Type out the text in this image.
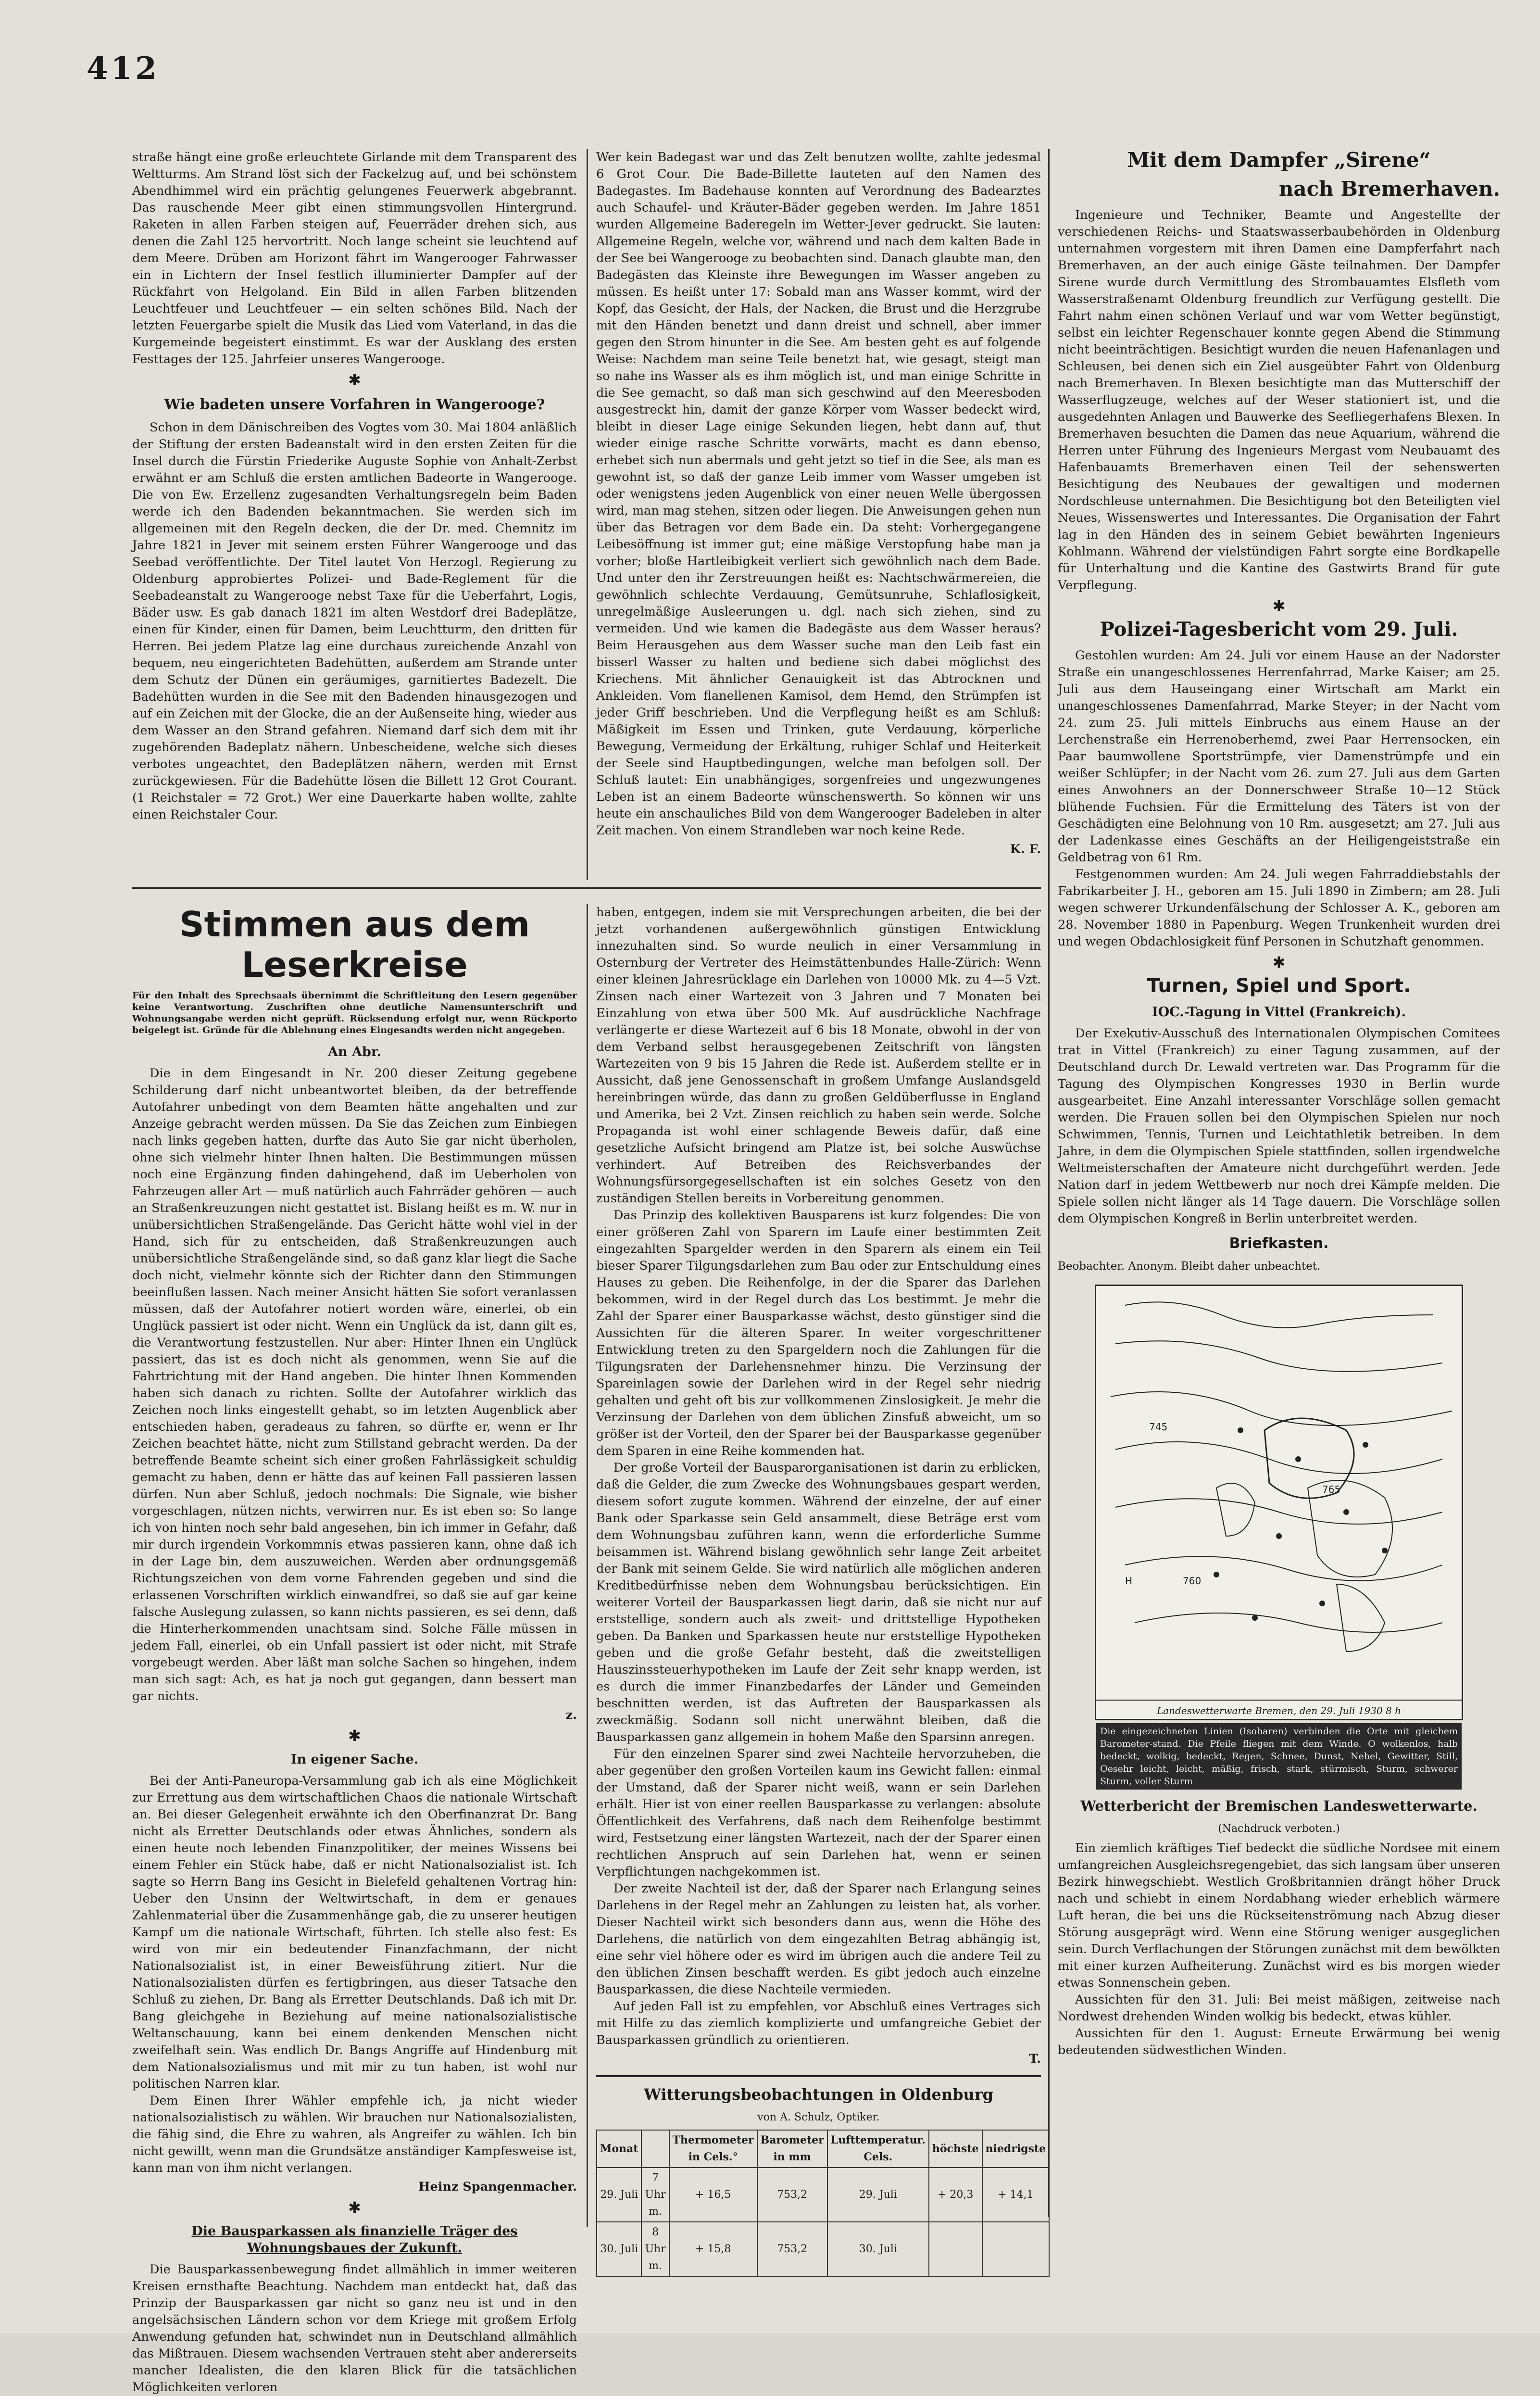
412

straße hängt eine große erleuchtete Girlande mit dem Transparent des Weltturms. Am Strand löst sich der Fackelzug auf, und bei schönstem Abendhimmel wird ein prächtig gelungenes Feuerwerk abgebrannt. Das rauschende Meer gibt einen stimmungsvollen Hintergrund. Raketen in allen Farben steigen auf, Feuerräder drehen sich, aus denen die Zahl 125 hervortritt. Noch lange scheint sie leuchtend auf dem Meere. Drüben am Horizont fährt im Wangerooger Fahrwasser ein in Lichtern der Insel festlich illuminierter Dampfer auf der Rückfahrt von Helgoland. Ein Bild in allen Farben blitzenden Leuchtfeuer und Leuchtfeuer — ein selten schönes Bild. Nach der letzten Feuergarbe spielt die Musik das Lied vom Vaterland, in das die Kurgemeinde begeistert einstimmt. Es war der Ausklang des ersten Festtages der 125. Jahrfeier unseres Wangerooge.

✱
Wie badeten unsere Vorfahren in Wangerooge?

Schon in dem Dänischreiben des Vogtes vom 30. Mai 1804 anläßlich der Stiftung der ersten Badeanstalt wird in den ersten Zeiten für die Insel durch die Fürstin Friederike Auguste Sophie von Anhalt-Zerbst erwähnt er am Schluß die ersten amtlichen Badeorte in Wangerooge. Die von Ew. Erzellenz zugesandten Verhaltungsregeln beim Baden werde ich den Badenden bekanntmachen. Sie werden sich im allgemeinen mit den Regeln decken, die der Dr. med. Chemnitz im Jahre 1821 in Jever mit seinem ersten Führer Wangerooge und das Seebad veröffentlichte. Der Titel lautet Von Herzogl. Regierung zu Oldenburg approbiertes Polizei- und Bade-Reglement für die Seebadeanstalt zu Wangerooge nebst Taxe für die Ueberfahrt, Logis, Bäder usw. Es gab danach 1821 im alten Westdorf drei Badeplätze, einen für Kinder, einen für Damen, beim Leuchtturm, den dritten für Herren. Bei jedem Platze lag eine durchaus zureichende Anzahl von bequem, neu eingerichteten Badehütten, außerdem am Strande unter dem Schutz der Dünen ein geräumiges, garnitiertes Badezelt. Die Badehütten wurden in die See mit den Badenden hinausgezogen und auf ein Zeichen mit der Glocke, die an der Außenseite hing, wieder aus dem Wasser an den Strand gefahren. Niemand darf sich dem mit ihr zugehörenden Badeplatz nähern. Unbescheidene, welche sich dieses verbotes ungeachtet, den Badeplätzen nähern, werden mit Ernst zurückgewiesen. Für die Badehütte lösen die Billett 12 Grot Courant. (1 Reichstaler = 72 Grot.) Wer eine Dauerkarte haben wollte, zahlte einen Reichstaler Cour.

Wer kein Badegast war und das Zelt benutzen wollte, zahlte jedesmal 6 Grot Cour. Die Bade-Billette lauteten auf den Namen des Badegastes. Im Badehause konnten auf Verordnung des Badearztes auch Schaufel- und Kräuter-Bäder gegeben werden. Im Jahre 1851 wurden Allgemeine Baderegeln im Wetter-Jever gedruckt. Sie lauten: Allgemeine Regeln, welche vor, während und nach dem kalten Bade in der See bei Wangerooge zu beobachten sind. Danach glaubte man, den Badegästen das Kleinste ihre Bewegungen im Wasser angeben zu müssen. Es heißt unter 17: Sobald man ans Wasser kommt, wird der Kopf, das Gesicht, der Hals, der Nacken, die Brust und die Herzgrube mit den Händen benetzt und dann dreist und schnell, aber immer gegen den Strom hinunter in die See. Am besten geht es auf folgende Weise: Nachdem man seine Teile benetzt hat, wie gesagt, steigt man so nahe ins Wasser als es ihm möglich ist, und man einige Schritte in die See gemacht, so daß man sich geschwind auf den Meeresboden ausgestreckt hin, damit der ganze Körper vom Wasser bedeckt wird, bleibt in dieser Lage einige Sekunden liegen, hebt dann auf, thut wieder einige rasche Schritte vorwärts, macht es dann ebenso, erhebet sich nun abermals und geht jetzt so tief in die See, als man es gewohnt ist, so daß der ganze Leib immer vom Wasser umgeben ist oder wenigstens jeden Augenblick von einer neuen Welle übergossen wird, man mag stehen, sitzen oder liegen. Die Anweisungen gehen nun über das Betragen vor dem Bade ein. Da steht: Vorhergegangene Leibesöffnung ist immer gut; eine mäßige Verstopfung habe man ja vorher; bloße Hartleibigkeit verliert sich gewöhnlich nach dem Bade. Und unter den ihr Zerstreuungen heißt es: Nachtschwärmereien, die gewöhnlich schlechte Verdauung, Gemütsunruhe, Schlaflosigkeit, unregelmäßige Ausleerungen u. dgl. nach sich ziehen, sind zu vermeiden. Und wie kamen die Badegäste aus dem Wasser heraus? Beim Herausgehen aus dem Wasser suche man den Leib fast ein bisserl Wasser zu halten und bediene sich dabei möglichst des Kriechens. Mit ähnlicher Genauigkeit ist das Abtrocknen und Ankleiden. Vom flanellenen Kamisol, dem Hemd, den Strümpfen ist jeder Griff beschrieben. Und die Verpflegung heißt es am Schluß: Mäßigkeit im Essen und Trinken, gute Verdauung, körperliche Bewegung, Vermeidung der Erkältung, ruhiger Schlaf und Heiterkeit der Seele sind Hauptbedingungen, welche man befolgen soll. Der Schluß lautet: Ein unabhängiges, sorgenfreies und ungezwungenes Leben ist an einem Badeorte wünschenswerth. So können wir uns heute ein anschauliches Bild von dem Wangerooger Badeleben in alter Zeit machen. Von einem Strandleben war noch keine Rede.

K. F.
Mit dem Dampfer „Sirene“
nach Bremerhaven.

Ingenieure und Techniker, Beamte und Angestellte der verschiedenen Reichs- und Staatswasserbaubehörden in Oldenburg unternahmen vorgestern mit ihren Damen eine Dampferfahrt nach Bremerhaven, an der auch einige Gäste teilnahmen. Der Dampfer Sirene wurde durch Vermittlung des Strombauamtes Elsfleth vom Wasserstraßenamt Oldenburg freundlich zur Verfügung gestellt. Die Fahrt nahm einen schönen Verlauf und war vom Wetter begünstigt, selbst ein leichter Regenschauer konnte gegen Abend die Stimmung nicht beeinträchtigen. Besichtigt wurden die neuen Hafenanlagen und Schleusen, bei denen sich ein Ziel ausgeübter Fahrt von Oldenburg nach Bremerhaven. In Blexen besichtigte man das Mutterschiff der Wasserflugzeuge, welches auf der Weser stationiert ist, und die ausgedehnten Anlagen und Bauwerke des Seefliegerhafens Blexen. In Bremerhaven besuchten die Damen das neue Aquarium, während die Herren unter Führung des Ingenieurs Mergast vom Neubauamt des Hafenbauamts Bremerhaven einen Teil der sehenswerten Besichtigung des Neubaues der gewaltigen und modernen Nordschleuse unternahmen. Die Besichtigung bot den Beteiligten viel Neues, Wissenswertes und Interessantes. Die Organisation der Fahrt lag in den Händen des in seinem Gebiet bewährten Ingenieurs Kohlmann. Während der vielstündigen Fahrt sorgte eine Bordkapelle für Unterhaltung und die Kantine des Gastwirts Brand für gute Verpflegung.

✱
Polizei-Tagesbericht vom 29. Juli.

Gestohlen wurden: Am 24. Juli vor einem Hause an der Nadorster Straße ein unangeschlossenes Herrenfahrrad, Marke Kaiser; am 25. Juli aus dem Hauseingang einer Wirtschaft am Markt ein unangeschlossenes Damenfahrrad, Marke Steyer; in der Nacht vom 24. zum 25. Juli mittels Einbruchs aus einem Hause an der Lerchenstraße ein Herrenoberhemd, zwei Paar Herrensocken, ein Paar baumwollene Sportstrümpfe, vier Damenstrümpfe und ein weißer Schlüpfer; in der Nacht vom 26. zum 27. Juli aus dem Garten eines Anwohners an der Donnerschweer Straße 10—12 Stück blühende Fuchsien. Für die Ermittelung des Täters ist von der Geschädigten eine Belohnung von 10 Rm. ausgesetzt; am 27. Juli aus der Ladenkasse eines Geschäfts an der Heiligengeiststraße ein Geldbetrag von 61 Rm.

Festgenommen wurden: Am 24. Juli wegen Fahrraddiebstahls der Fabrikarbeiter J. H., geboren am 15. Juli 1890 in Zimbern; am 28. Juli wegen schwerer Urkundenfälschung der Schlosser A. K., geboren am 28. November 1880 in Papenburg. Wegen Trunkenheit wurden drei und wegen Obdachlosigkeit fünf Personen in Schutzhaft genommen.

✱
Turnen, Spiel und Sport.
IOC.-Tagung in Vittel (Frankreich).

Der Exekutiv-Ausschuß des Internationalen Olympischen Comitees trat in Vittel (Frankreich) zu einer Tagung zusammen, auf der Deutschland durch Dr. Lewald vertreten war. Das Programm für die Tagung des Olympischen Kongresses 1930 in Berlin wurde ausgearbeitet. Eine Anzahl interessanter Vorschläge sollen gemacht werden. Die Frauen sollen bei den Olympischen Spielen nur noch Schwimmen, Tennis, Turnen und Leichtathletik betreiben. In dem Jahre, in dem die Olympischen Spiele stattfinden, sollen irgendwelche Weltmeisterschaften der Amateure nicht durchgeführt werden. Jede Nation darf in jedem Wettbewerb nur noch drei Kämpfe melden. Die Spiele sollen nicht länger als 14 Tage dauern. Die Vorschläge sollen dem Olympischen Kongreß in Berlin unterbreitet werden.

Briefkasten.

Beobachter. Anonym. Bleibt daher unbeachtet.

H
745
760
765
Landeswetterwarte Bremen, den 29. Juli 1930 8 h
Die eingezeichneten Linien (Isobaren) verbinden die Orte mit gleichem Barometer-stand. Die Pfeile fliegen mit dem Winde. O wolkenlos, halb bedeckt, wolkig, bedeckt, Regen, Schnee, Dunst, Nebel, Gewitter, Still, Oesehr leicht, leicht, mäßig, frisch, stark, stürmisch, Sturm, schwerer Sturm, voller Sturm
Wetterbericht der Bremischen Landeswetterwarte.
(Nachdruck verboten.)

Ein ziemlich kräftiges Tief bedeckt die südliche Nordsee mit einem umfangreichen Ausgleichsregengebiet, das sich langsam über unseren Bezirk hinwegschiebt. Westlich Großbritannien drängt höher Druck nach und schiebt in einem Nordabhang wieder erheblich wärmere Luft heran, die bei uns die Rückseitenströmung nach Abzug dieser Störung ausgeprägt wird. Wenn eine Störung weniger ausgeglichen sein. Durch Verflachungen der Störungen zunächst mit dem bewölkten mit einer kurzen Aufheiterung. Zunächst wird es bis morgen wieder etwas Sonnenschein geben.

Aussichten für den 31. Juli: Bei meist mäßigen, zeitweise nach Nordwest drehenden Winden wolkig bis bedeckt, etwas kühler.

Aussichten für den 1. August: Erneute Erwärmung bei wenig bedeutenden südwestlichen Winden.

Stimmen aus dem Leserkreise
Für den Inhalt des Sprechsaals übernimmt die Schriftleitung den Lesern gegenüber keine Verantwortung. Zuschriften ohne deutliche Namensunterschrift und Wohnungsangabe werden nicht geprüft. Rücksendung erfolgt nur, wenn Rückporto beigelegt ist. Gründe für die Ablehnung eines Eingesandts werden nicht angegeben.
An Abr.

Die in dem Eingesandt in Nr. 200 dieser Zeitung gegebene Schilderung darf nicht unbeantwortet bleiben, da der betreffende Autofahrer unbedingt von dem Beamten hätte angehalten und zur Anzeige gebracht werden müssen. Da Sie das Zeichen zum Einbiegen nach links gegeben hatten, durfte das Auto Sie gar nicht überholen, ohne sich vielmehr hinter Ihnen halten. Die Bestimmungen müssen noch eine Ergänzung finden dahingehend, daß im Ueberholen von Fahrzeugen aller Art — muß natürlich auch Fahrräder gehören — auch an Straßenkreuzungen nicht gestattet ist. Bislang heißt es m. W. nur in unübersichtlichen Straßengelände. Das Gericht hätte wohl viel in der Hand, sich für zu entscheiden, daß Straßenkreuzungen auch unübersichtliche Straßengelände sind, so daß ganz klar liegt die Sache doch nicht, vielmehr könnte sich der Richter dann den Stimmungen beeinflußen lassen. Nach meiner Ansicht hätten Sie sofort veranlassen müssen, daß der Autofahrer notiert worden wäre, einerlei, ob ein Unglück passiert ist oder nicht. Wenn ein Unglück da ist, dann gilt es, die Verantwortung festzustellen. Nur aber: Hinter Ihnen ein Unglück passiert, das ist es doch nicht als genommen, wenn Sie auf die Fahrtrichtung mit der Hand angeben. Die hinter Ihnen Kommenden haben sich danach zu richten. Sollte der Autofahrer wirklich das Zeichen noch links eingestellt gehabt, so im letzten Augenblick aber entschieden haben, geradeaus zu fahren, so dürfte er, wenn er Ihr Zeichen beachtet hätte, nicht zum Stillstand gebracht werden. Da der betreffende Beamte scheint sich einer großen Fahrlässigkeit schuldig gemacht zu haben, denn er hätte das auf keinen Fall passieren lassen dürfen. Nun aber Schluß, jedoch nochmals: Die Signale, wie bisher vorgeschlagen, nützen nichts, verwirren nur. Es ist eben so: So lange ich von hinten noch sehr bald angesehen, bin ich immer in Gefahr, daß mir durch irgendein Vorkommnis etwas passieren kann, ohne daß ich in der Lage bin, dem auszuweichen. Werden aber ordnungsgemäß Richtungszeichen von dem vorne Fahrenden gegeben und sind die erlassenen Vorschriften wirklich einwandfrei, so daß sie auf gar keine falsche Auslegung zulassen, so kann nichts passieren, es sei denn, daß die Hinterherkommenden unachtsam sind. Solche Fälle müssen in jedem Fall, einerlei, ob ein Unfall passiert ist oder nicht, mit Strafe vorgebeugt werden. Aber läßt man solche Sachen so hingehen, indem man sich sagt: Ach, es hat ja noch gut gegangen, dann bessert man gar nichts.

z.
✱
In eigener Sache.

Bei der Anti-Paneuropa-Versammlung gab ich als eine Möglichkeit zur Errettung aus dem wirtschaftlichen Chaos die nationale Wirtschaft an. Bei dieser Gelegenheit erwähnte ich den Oberfinanzrat Dr. Bang nicht als Erretter Deutschlands oder etwas Ähnliches, sondern als einen heute noch lebenden Finanzpolitiker, der meines Wissens bei einem Fehler ein Stück habe, daß er nicht Nationalsozialist ist. Ich sagte so Herrn Bang ins Gesicht in Bielefeld gehaltenen Vortrag hin: Ueber den Unsinn der Weltwirtschaft, in dem er genaues Zahlenmaterial über die Zusammenhänge gab, die zu unserer heutigen Kampf um die nationale Wirtschaft, führten. Ich stelle also fest: Es wird von mir ein bedeutender Finanzfachmann, der nicht Nationalsozialist ist, in einer Beweisführung zitiert. Nur die Nationalsozialisten dürfen es fertigbringen, aus dieser Tatsache den Schluß zu ziehen, Dr. Bang als Erretter Deutschlands. Daß ich mit Dr. Bang gleichgehe in Beziehung auf meine nationalsozialistische Weltanschauung, kann bei einem denkenden Menschen nicht zweifelhaft sein. Was endlich Dr. Bangs Angriffe auf Hindenburg mit dem Nationalsozialismus und mit mir zu tun haben, ist wohl nur politischen Narren klar.

Dem Einen Ihrer Wähler empfehle ich, ja nicht wieder nationalsozialistisch zu wählen. Wir brauchen nur Nationalsozialisten, die fähig sind, die Ehre zu wahren, als Angreifer zu wählen. Ich bin nicht gewillt, wenn man die Grundsätze anständiger Kampfesweise ist, kann man von ihm nicht verlangen.

Heinz Spangenmacher.
✱
Die Bausparkassen als finanzielle Träger des Wohnungsbaues der Zukunft.

Die Bausparkassenbewegung findet allmählich in immer weiteren Kreisen ernsthafte Beachtung. Nachdem man entdeckt hat, daß das Prinzip der Bausparkassen gar nicht so ganz neu ist und in den angelsächsischen Ländern schon vor dem Kriege mit großem Erfolg Anwendung gefunden hat, schwindet nun in Deutschland allmählich das Mißtrauen. Diesem wachsenden Vertrauen steht aber andererseits mancher Idealisten, die den klaren Blick für die tatsächlichen Möglichkeiten verloren

haben, entgegen, indem sie mit Versprechungen arbeiten, die bei der jetzt vorhandenen außergewöhnlich günstigen Entwicklung innezuhalten sind. So wurde neulich in einer Versammlung in Osternburg der Vertreter des Heimstättenbundes Halle-Zürich: Wenn einer kleinen Jahresrücklage ein Darlehen von 10000 Mk. zu 4—5 Vzt. Zinsen nach einer Wartezeit von 3 Jahren und 7 Monaten bei Einzahlung von etwa über 500 Mk. Auf ausdrückliche Nachfrage verlängerte er diese Wartezeit auf 6 bis 18 Monate, obwohl in der von dem Verband selbst herausgegebenen Zeitschrift von längsten Wartezeiten von 9 bis 15 Jahren die Rede ist. Außerdem stellte er in Aussicht, daß jene Genossenschaft in großem Umfange Auslandsgeld hereinbringen würde, das dann zu großen Geldüberflusse in England und Amerika, bei 2 Vzt. Zinsen reichlich zu haben sein werde. Solche Propaganda ist wohl einer schlagende Beweis dafür, daß eine gesetzliche Aufsicht bringend am Platze ist, bei solche Auswüchse verhindert. Auf Betreiben des Reichsverbandes der Wohnungsfürsorgegesellschaften ist ein solches Gesetz von den zuständigen Stellen bereits in Vorbereitung genommen.

Das Prinzip des kollektiven Bausparens ist kurz folgendes: Die von einer größeren Zahl von Sparern im Laufe einer bestimmten Zeit eingezahlten Spargelder werden in den Sparern als einem ein Teil bieser Sparer Tilgungsdarlehen zum Bau oder zur Entschuldung eines Hauses zu geben. Die Reihenfolge, in der die Sparer das Darlehen bekommen, wird in der Regel durch das Los bestimmt. Je mehr die Zahl der Sparer einer Bausparkasse wächst, desto günstiger sind die Aussichten für die älteren Sparer. In weiter vorgeschrittener Entwicklung treten zu den Spargeldern noch die Zahlungen für die Tilgungsraten der Darlehensnehmer hinzu. Die Verzinsung der Spareinlagen sowie der Darlehen wird in der Regel sehr niedrig gehalten und geht oft bis zur vollkommenen Zinslosigkeit. Je mehr die Verzinsung der Darlehen von dem üblichen Zinsfuß abweicht, um so größer ist der Vorteil, den der Sparer bei der Bausparkasse gegenüber dem Sparen in eine Reihe kommenden hat.

Der große Vorteil der Bausparorganisationen ist darin zu erblicken, daß die Gelder, die zum Zwecke des Wohnungsbaues gespart werden, diesem sofort zugute kommen. Während der einzelne, der auf einer Bank oder Sparkasse sein Geld ansammelt, diese Beträge erst vom dem Wohnungsbau zuführen kann, wenn die erforderliche Summe beisammen ist. Während bislang gewöhnlich sehr lange Zeit arbeitet der Bank mit seinem Gelde. Sie wird natürlich alle möglichen anderen Kreditbedürfnisse neben dem Wohnungsbau berücksichtigen. Ein weiterer Vorteil der Bausparkassen liegt darin, daß sie nicht nur auf erststellige, sondern auch als zweit- und drittstellige Hypotheken geben. Da Banken und Sparkassen heute nur erststellige Hypotheken geben und die große Gefahr besteht, daß die zweitstelligen Hauszinssteuerhypotheken im Laufe der Zeit sehr knapp werden, ist es durch die immer Finanzbedarfes der Länder und Gemeinden beschnitten werden, ist das Auftreten der Bausparkassen als zweckmäßig. Sodann soll nicht unerwähnt bleiben, daß die Bausparkassen ganz allgemein in hohem Maße den Sparsinn anregen.

Für den einzelnen Sparer sind zwei Nachteile hervorzuheben, die aber gegenüber den großen Vorteilen kaum ins Gewicht fallen: einmal der Umstand, daß der Sparer nicht weiß, wann er sein Darlehen erhält. Hier ist von einer reellen Bausparkasse zu verlangen: absolute Öffentlichkeit des Verfahrens, daß nach dem Reihenfolge bestimmt wird, Festsetzung einer längsten Wartezeit, nach der der Sparer einen rechtlichen Anspruch auf sein Darlehen hat, wenn er seinen Verpflichtungen nachgekommen ist.

Der zweite Nachteil ist der, daß der Sparer nach Erlangung seines Darlehens in der Regel mehr an Zahlungen zu leisten hat, als vorher. Dieser Nachteil wirkt sich besonders dann aus, wenn die Höhe des Darlehens, die natürlich von dem eingezahlten Betrag abhängig ist, eine sehr viel höhere oder es wird im übrigen auch die andere Teil zu den üblichen Zinsen beschafft werden. Es gibt jedoch auch einzelne Bausparkassen, die diese Nachteile vermieden.

Auf jeden Fall ist zu empfehlen, vor Abschluß eines Vertrages sich mit Hilfe zu das ziemlich komplizierte und umfangreiche Gebiet der Bausparkassen gründlich zu orientieren.

T.
Witterungsbeobachtungen in Oldenburg
von A. Schulz, Optiker.
Monat		Thermometer in Cels.°	Barometer in mm	Lufttemperatur. Cels.	höchste	niedrigste
29. Juli	7 Uhr m.	+ 16,5	753,2	29. Juli	+ 20,3	+ 14,1
30. Juli	8 Uhr m.	+ 15,8	753,2	30. Juli		
